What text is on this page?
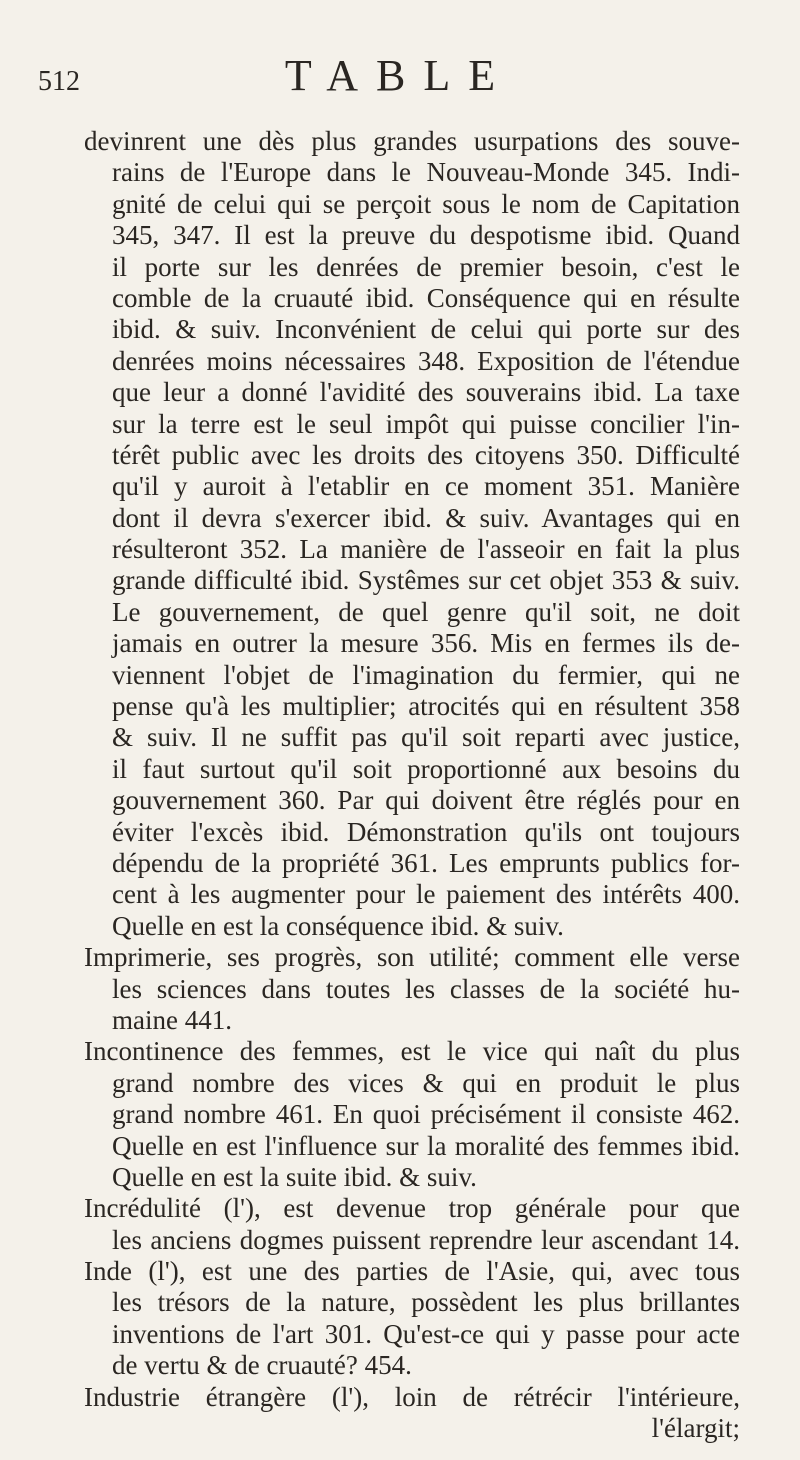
512	TABLE
devinrent une dès plus grandes usurpations des souve-
rains de l'Europe dans le Nouveau-Monde 345. Indi-
gnité de celui qui se perçoit sous le nom de Capitation
345, 347. Il est la preuve du despotisme ibid. Quand
il porte sur les denrées de premier besoin, c'est le
comble de la cruauté ibid. Conséquence qui en résulte
ibid. & suiv. Inconvénient de celui qui porte sur des
denrées moins nécessaires 348. Exposition de l'étendue
que leur a donné l'avidité des souverains ibid. La taxe
sur la terre est le seul impôt qui puisse concilier l'in-
térêt public avec les droits des citoyens 350. Difficulté
qu'il y auroit à l'etablir en ce moment 351. Manière
dont il devra s'exercer ibid. & suiv. Avantages qui en
résulteront 352. La manière de l'asseoir en fait la plus
grande difficulté ibid. Systêmes sur cet objet 353 & suiv.
Le gouvernement, de quel genre qu'il soit, ne doit
jamais en outrer la mesure 356. Mis en fermes ils de-
viennent l'objet de l'imagination du fermier, qui ne
pense qu'à les multiplier; atrocités qui en résultent 358
& suiv. Il ne suffit pas qu'il soit reparti avec justice,
il faut surtout qu'il soit proportionné aux besoins du
gouvernement 360. Par qui doivent être réglés pour en
éviter l'excès ibid. Démonstration qu'ils ont toujours
dépendu de la propriété 361. Les emprunts publics for-
cent à les augmenter pour le paiement des intérêts 400.
Quelle en est la conséquence ibid. & suiv.
Imprimerie, ses progrès, son utilité; comment elle verse
les sciences dans toutes les classes de la société hu-
maine 441.
Incontinence des femmes, est le vice qui naît du plus
grand nombre des vices & qui en produit le plus
grand nombre 461. En quoi précisément il consiste 462.
Quelle en est l'influence sur la moralité des femmes ibid.
Quelle en est la suite ibid. & suiv.
Incrédulité (l'), est devenue trop générale pour que
les anciens dogmes puissent reprendre leur ascendant 14.
Inde (l'), est une des parties de l'Asie, qui, avec tous
les trésors de la nature, possèdent les plus brillantes
inventions de l'art 301. Qu'est-ce qui y passe pour acte
de vertu & de cruauté? 454.
Industrie étrangère (l'), loin de rétrécir l'intérieure,
l'élargit;
